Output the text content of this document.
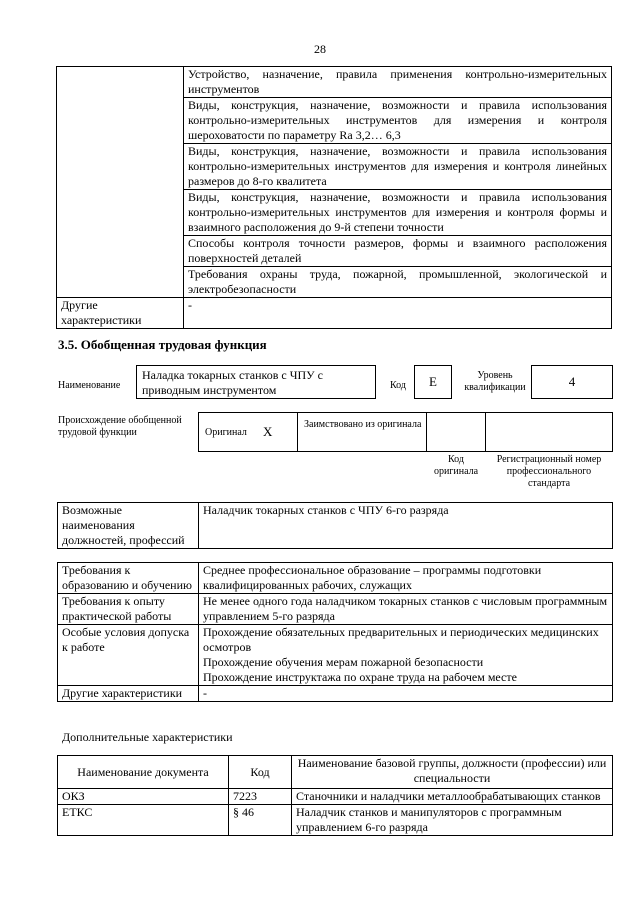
28
	Устройство, назначение, правила применения контрольно-измерительных инструментов
	Виды, конструкция, назначение, возможности и правила использования контрольно-измерительных инструментов для измерения и контроля шероховатости по параметру Ra 3,2… 6,3
	Виды, конструкция, назначение, возможности и правила использования контрольно-измерительных инструментов для измерения и контроля линейных размеров до 8-го квалитета
	Виды, конструкция, назначение, возможности и правила использования контрольно-измерительных инструментов для измерения и контроля формы и взаимного расположения до 9-й степени точности
	Способы контроля точности размеров, формы и взаимного расположения поверхностей деталей
	Требования охраны труда, пожарной, промышленной, экологической и электробезопасности
Другие характеристики	-
3.5. Обобщенная трудовая функция
Наименование
Наладка токарных станков с ЧПУ с приводным инструментом	Код	E	Уровень квалификации	4
Происхождение обобщенной трудовой функции	Оригинал X	Заимствовано из оригинала
Код оригинала
Регистрационный номер профессионального стандарта
Возможные наименования должностей, профессий	Наладчик токарных станков с ЧПУ 6-го разряда
Требования к образованию и обучению	Среднее профессиональное образование – программы подготовки квалифицированных рабочих, служащих
Требования к опыту практической работы	Не менее одного года наладчиком токарных станков с числовым программным управлением 5-го разряда
Особые условия допуска к работе	Прохождение обязательных предварительных и периодических медицинских осмотров
Прохождение обучения мерам пожарной безопасности
Прохождение инструктажа по охране труда на рабочем месте

Другие характеристики	-
Дополнительные характеристики
Наименование документа	Код	Наименование базовой группы, должности (профессии) или специальности
ОКЗ	7223	Станочники и наладчики металлообрабатывающих станков
ЕТКС	§ 46	Наладчик станков и манипуляторов с программным управлением 6-го разряда
